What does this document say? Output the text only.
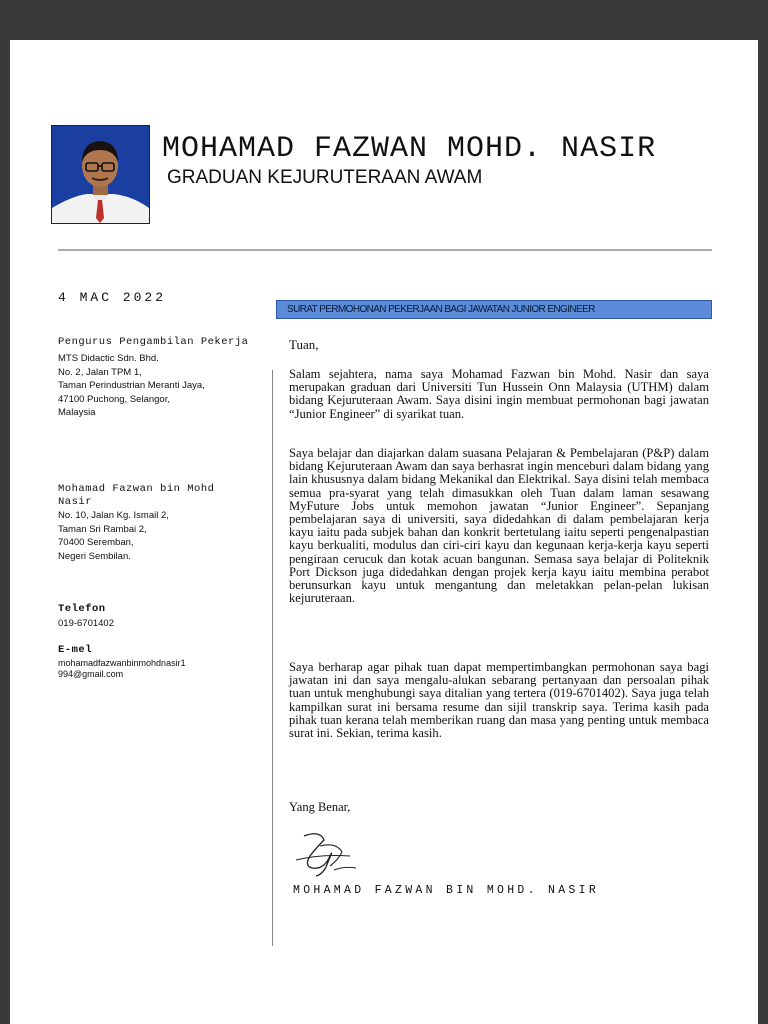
MOHAMAD FAZWAN MOHD. NASIR
GRADUAN KEJURUTERAAN AWAM
4 MAC 2022
SURAT PERMOHONAN PEKERJAAN BAGI JAWATAN JUNIOR ENGINEER
Pengurus Pengambilan Pekerja
MTS Didactic Sdn. Bhd.
No. 2, Jalan TPM 1,
Taman Perindustrian Meranti Jaya,
47100 Puchong, Selangor,
Malaysia
Mohamad Fazwan bin Mohd Nasir
No. 10, Jalan Kg. Ismail 2,
Taman Sri Rambai 2,
70400 Seremban,
Negeri Sembilan.
Telefon
019-6701402
E-mel
mohamadfazwanbinmohdnasir1994@gmail.com
Tuan,

Salam sejahtera, nama saya Mohamad Fazwan bin Mohd. Nasir dan saya merupakan graduan dari Universiti Tun Hussein Onn Malaysia (UTHM) dalam bidang Kejuruteraan Awam. Saya disini ingin membuat permohonan bagi jawatan “Junior Engineer” di syarikat tuan.

Saya belajar dan diajarkan dalam suasana Pelajaran & Pembelajaran (P&P) dalam bidang Kejuruteraan Awam dan saya berhasrat ingin menceburi dalam bidang yang lain khususnya dalam bidang Mekanikal dan Elektrikal. Saya disini telah membaca semua pra-syarat yang telah dimasukkan oleh Tuan dalam laman sesawang MyFuture Jobs untuk memohon jawatan “Junior Engineer”. Sepanjang pembelajaran saya di universiti, saya didedahkan di dalam pembelajaran kerja kayu iaitu pada subjek bahan dan konkrit bertetulang iaitu seperti pengenalpastian kayu berkualiti, modulus dan ciri-ciri kayu dan kegunaan kerja-kerja kayu seperti pengiraan cerucuk dan kotak acuan bangunan. Semasa saya belajar di Politeknik Port Dickson juga didedahkan dengan projek kerja kayu iaitu membina perabot berunsurkan kayu untuk mengantung dan meletakkan pelan-pelan lukisan kejuruteraan.

Saya berharap agar pihak tuan dapat mempertimbangkan permohonan saya bagi jawatan ini dan saya mengalu-alukan sebarang pertanyaan dan persoalan pihak tuan untuk menghubungi saya ditalian yang tertera (019-6701402). Saya juga telah kampilkan surat ini bersama resume dan sijil transkrip saya. Terima kasih pada pihak tuan kerana telah memberikan ruang dan masa yang penting untuk membaca surat ini. Sekian, terima kasih.

Yang Benar,
MOHAMAD FAZWAN BIN MOHD. NASIR
